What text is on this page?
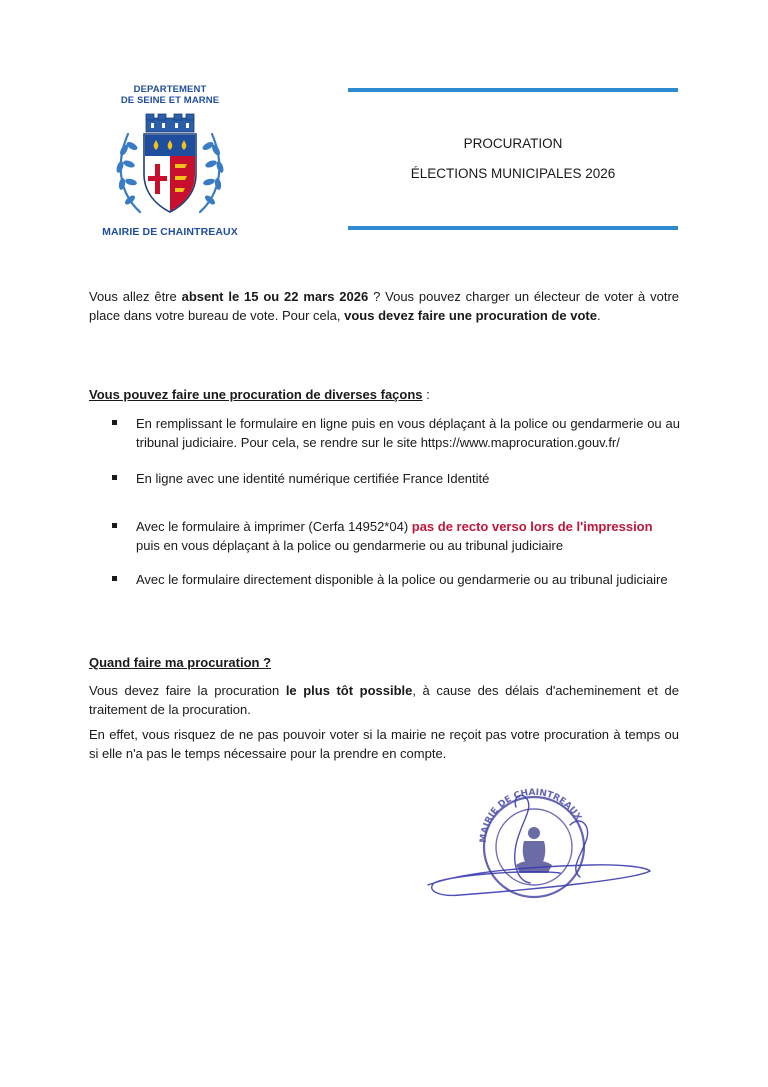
DEPARTEMENT
DE SEINE ET MARNE
MAIRIE DE CHAINTREAUX
PROCURATION
ÉLECTIONS MUNICIPALES 2026
Vous allez être absent le 15 ou 22 mars 2026 ? Vous pouvez charger un électeur de voter à votre place dans votre bureau de vote. Pour cela, vous devez faire une procuration de vote.
Vous pouvez faire une procuration de diverses façons :
En remplissant le formulaire en ligne puis en vous déplaçant à la police ou gendarmerie ou au tribunal judiciaire. Pour cela, se rendre sur le site https://www.maprocuration.gouv.fr/
En ligne avec une identité numérique certifiée France Identité
Avec le formulaire à imprimer (Cerfa 14952*04) pas de recto verso lors de l'impression puis en vous déplaçant à la police ou gendarmerie ou au tribunal judiciaire
Avec le formulaire directement disponible à la police ou gendarmerie ou au tribunal judiciaire
Quand faire ma procuration ?
Vous devez faire la procuration le plus tôt possible, à cause des délais d'acheminement et de traitement de la procuration.
En effet, vous risquez de ne pas pouvoir voter si la mairie ne reçoit pas votre procuration à temps ou si elle n'a pas le temps nécessaire pour la prendre en compte.
MAIRIE DE CHAINTREAUX
